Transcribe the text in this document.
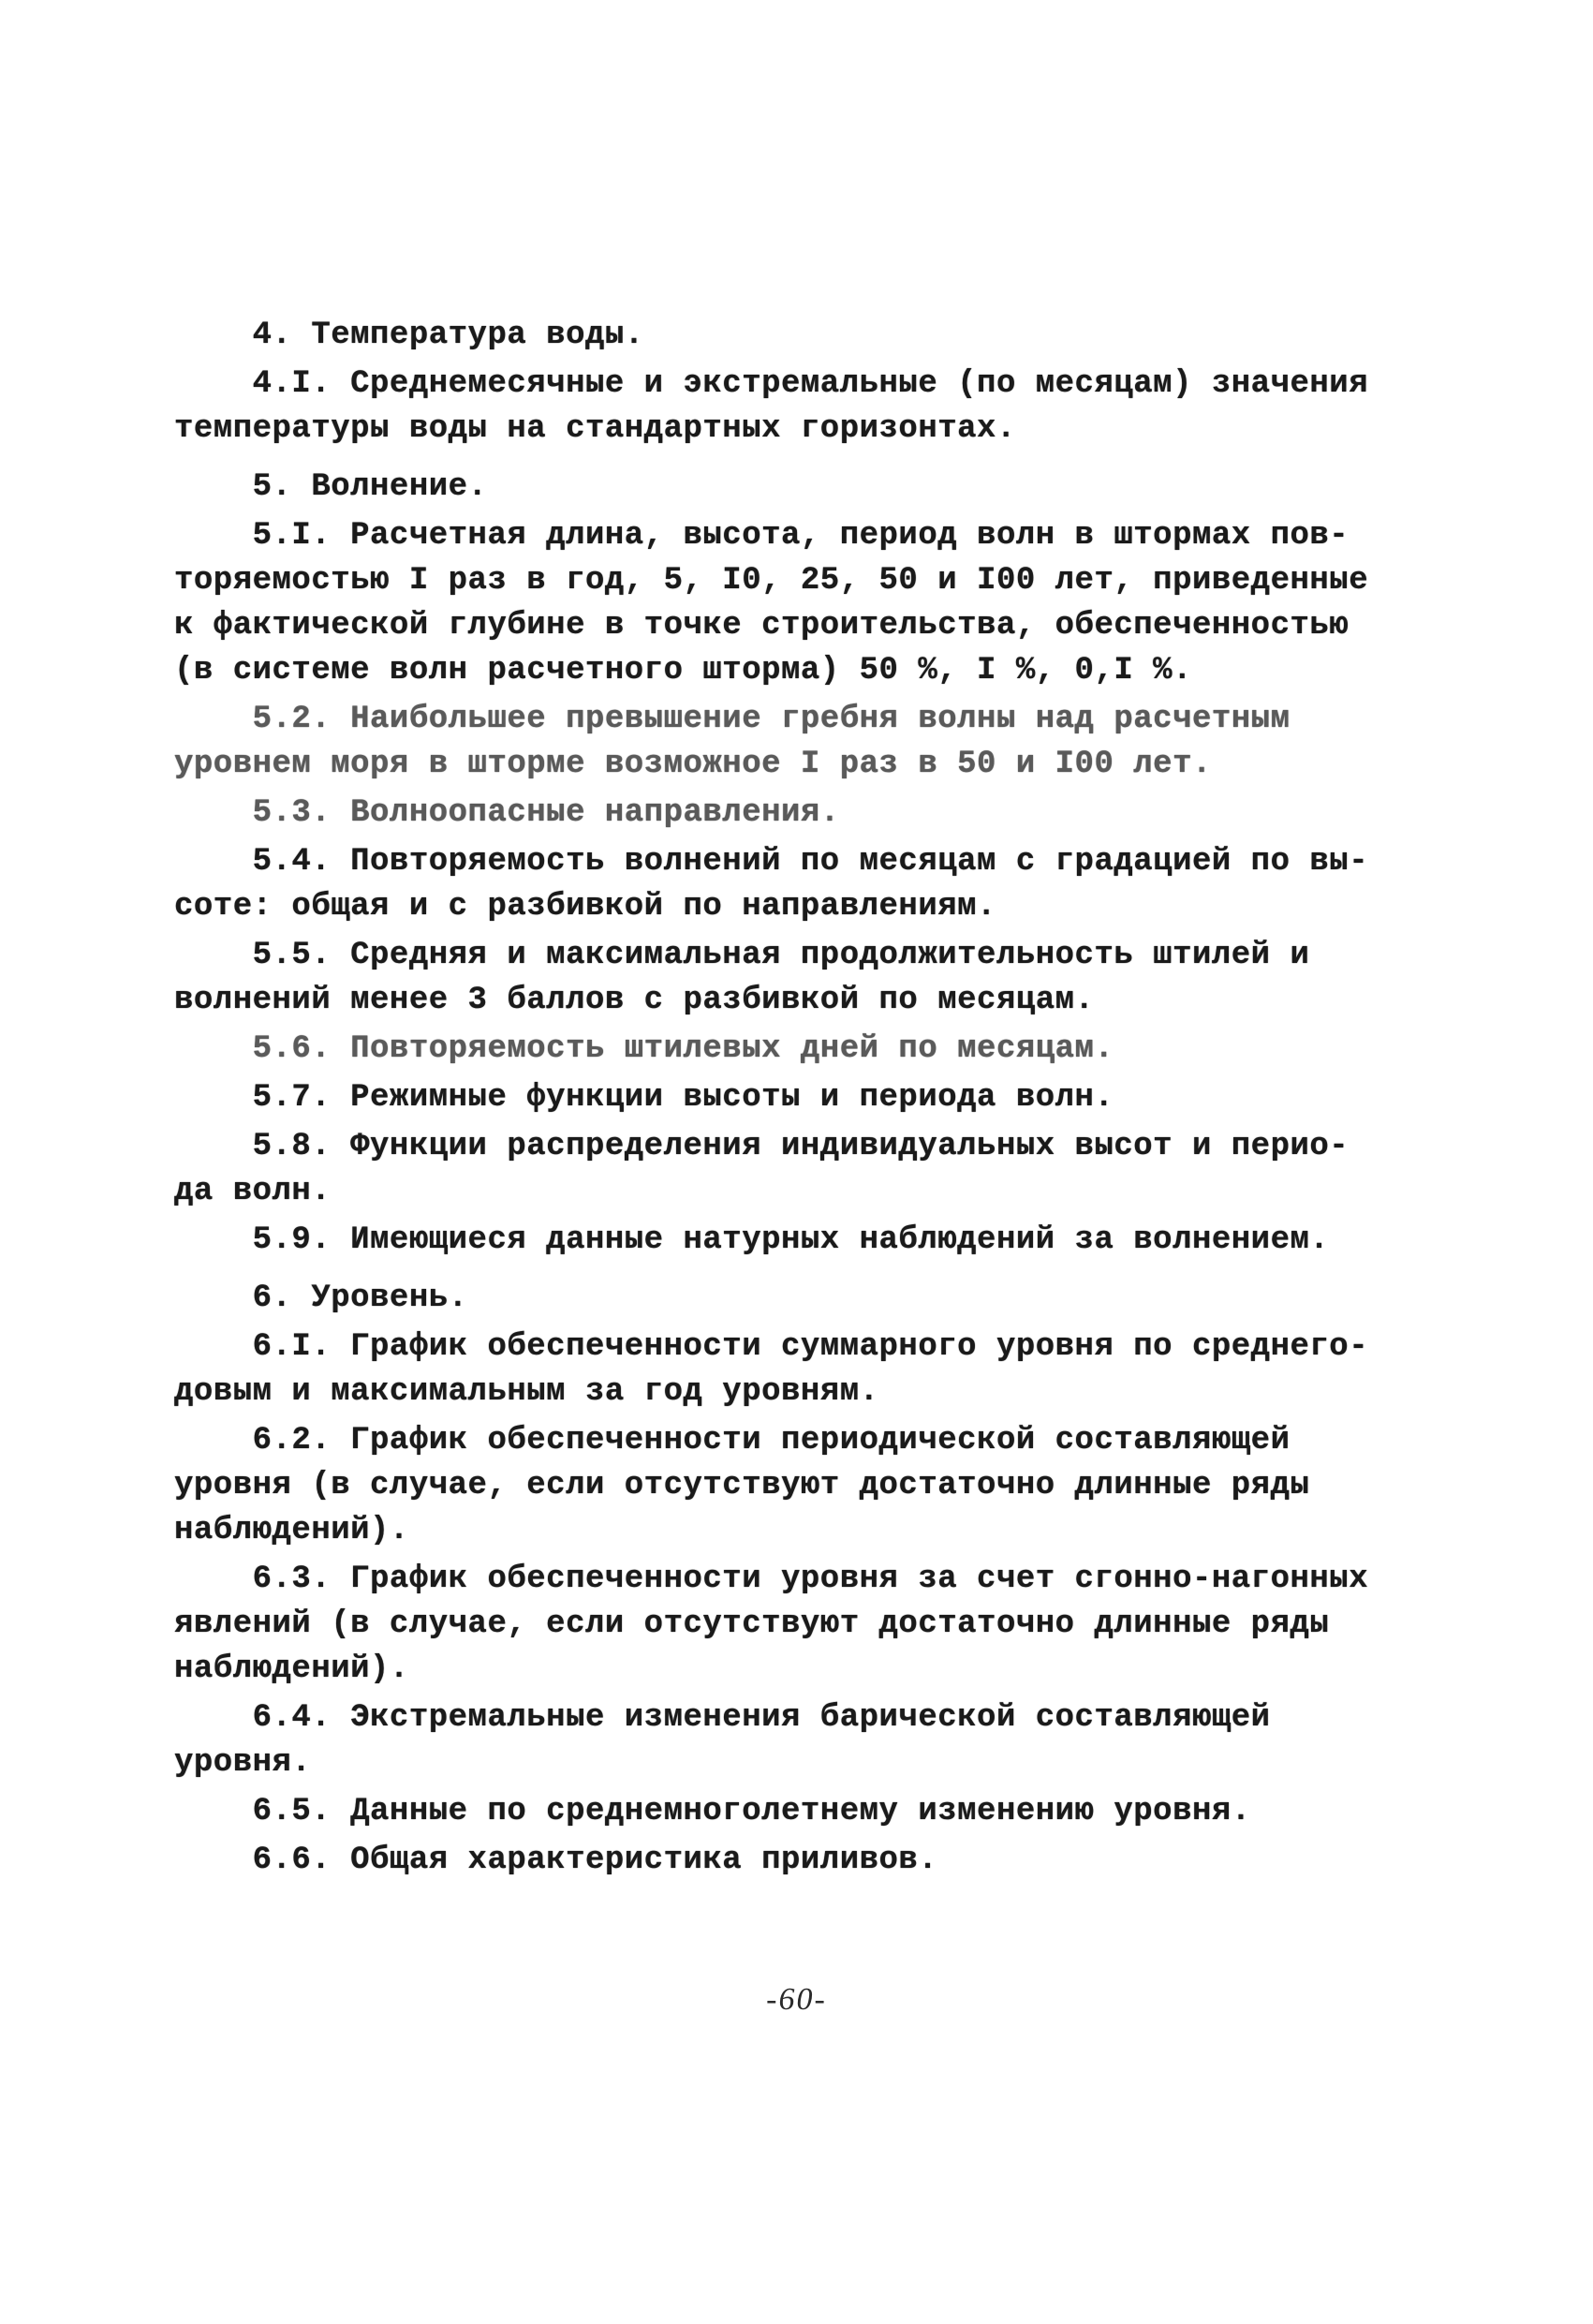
4. Температура воды.
4.I. Среднемесячные и экстремальные (по месяцам) значения
температуры воды на стандартных горизонтах.
5. Волнение.
5.I. Расчетная длина, высота, период волн в штормах пов-
торяемостью I раз в год, 5, I0, 25, 50 и I00 лет, приведенные
к фактической глубине в точке строительства, обеспеченностью
(в системе волн расчетного шторма) 50 %, I %, 0,I %.
5.2. Наибольшее превышение гребня волны над расчетным
уровнем моря в шторме возможное I раз в 50 и I00 лет.
5.3. Волноопасные направления.
5.4. Повторяемость волнений по месяцам с градацией по вы-
соте: общая и с разбивкой по направлениям.
5.5. Средняя и максимальная продолжительность штилей и
волнений менее 3 баллов с разбивкой по месяцам.
5.6. Повторяемость штилевых дней по месяцам.
5.7. Режимные функции высоты и периода волн.
5.8. Функции распределения индивидуальных высот и перио-
да волн.
5.9. Имеющиеся данные натурных наблюдений за волнением.
6. Уровень.
6.I. График обеспеченности суммарного уровня по среднего-
довым и максимальным за год уровням.
6.2. График обеспеченности периодической составляющей
уровня (в случае, если отсутствуют достаточно длинные ряды
наблюдений).
6.3. График обеспеченности уровня за счет сгонно-нагонных
явлений (в случае, если отсутствуют достаточно длинные ряды
наблюдений).
6.4. Экстремальные изменения барической составляющей
уровня.
6.5. Данные по среднемноголетнему изменению уровня.
6.6. Общая характеристика приливов.
-60-
